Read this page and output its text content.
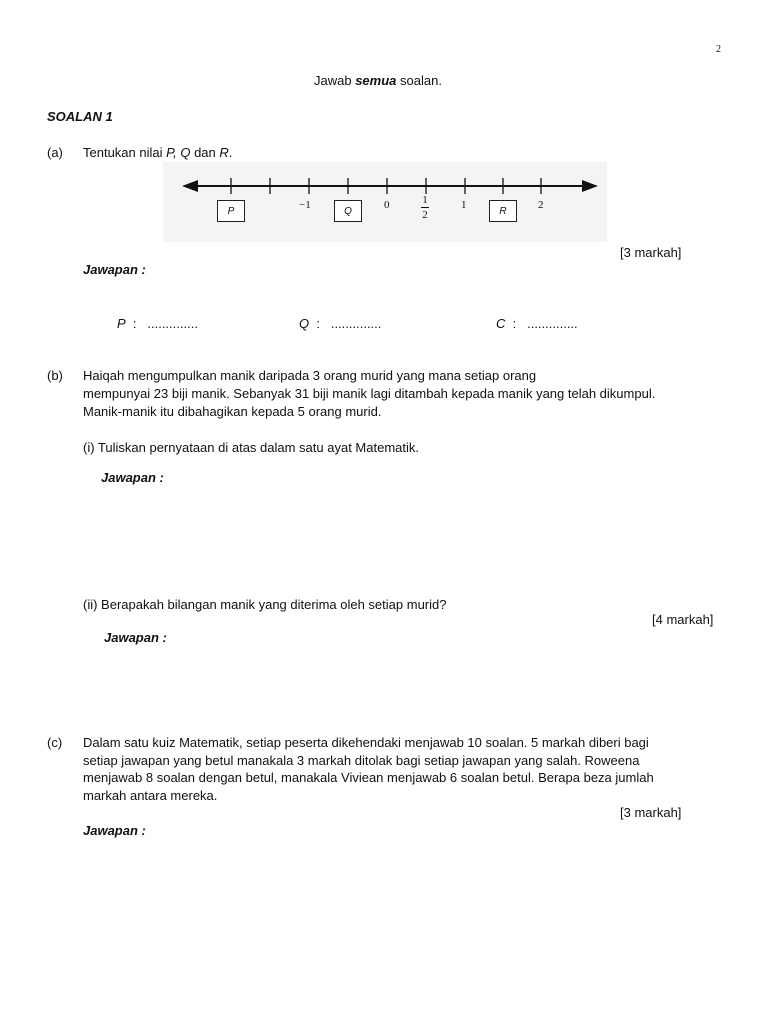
2
Jawab semua soalan.
SOALAN 1
(a) Tentukan nilai P, Q dan R.
P	Q	R
−1	0	1
2
1	2
[3 markah]
Jawapan :
P : ..............	Q : ..............	C : ..............
(b) Haiqah mengumpulkan manik daripada 3 orang murid yang mana setiap orang
mempunyai 23 biji manik. Sebanyak 31 biji manik lagi ditambah kepada manik yang telah dikumpul.
Manik-manik itu dibahagikan kepada 5 orang murid.
(i) Tuliskan pernyataan di atas dalam satu ayat Matematik.
Jawapan :
(ii) Berapakah bilangan manik yang diterima oleh setiap murid?
[4 markah]
Jawapan :
(c) Dalam satu kuiz Matematik, setiap peserta dikehendaki menjawab 10 soalan. 5 markah diberi bagi
setiap jawapan yang betul manakala 3 markah ditolak bagi setiap jawapan yang salah. Roweena
menjawab 8 soalan dengan betul, manakala Viviean menjawab 6 soalan betul. Berapa beza jumlah
markah antara mereka.
[3 markah]
Jawapan :
